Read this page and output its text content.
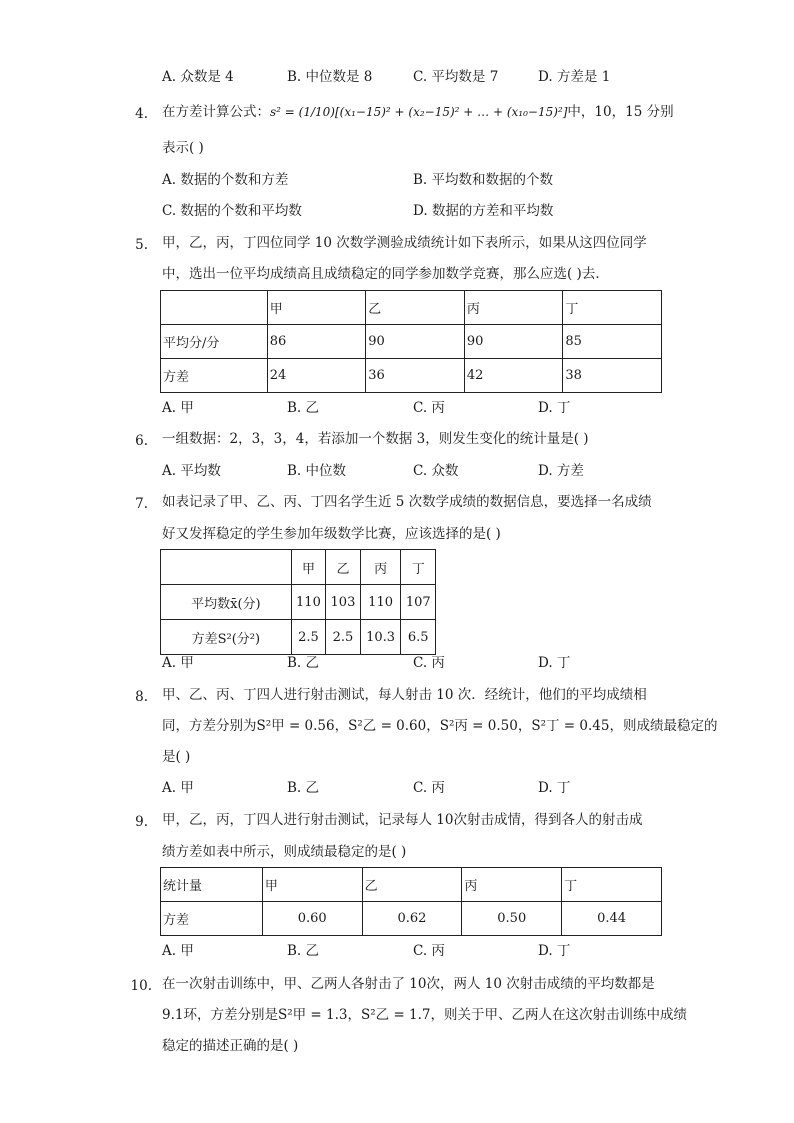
A. 众数是 4	B. 中位数是 8	C. 平均数是 7	D. 方差是 1
4. 在方差计算公式：s² = (1/10)[(x₁−15)² + (x₂−15)² + … + (x₁₀−15)²]中，10，15 分别
表示( )
A. 数据的个数和方差	B. 平均数和数据的个数
C. 数据的个数和平均数	D. 数据的方差和平均数
5. 甲，乙，丙，丁四位同学 10 次数学测验成绩统计如下表所示，如果从这四位同学
中，选出一位平均成绩高且成绩稳定的同学参加数学竞赛，那么应选( )去．
	甲	乙	丙	丁
平均分/分	86	90	90	85
方差	24	36	42	38
A. 甲	B. 乙	C. 丙	D. 丁
6. 一组数据：2，3，3，4，若添加一个数据 3，则发生变化的统计量是( )
A. 平均数	B. 中位数	C. 众数	D. 方差
7. 如表记录了甲、乙、丙、丁四名学生近 5 次数学成绩的数据信息，要选择一名成绩
好又发挥稳定的学生参加年级数学比赛，应该选择的是( )
	甲	乙	丙	丁
平均数x̄(分)	110	103	110	107
方差S²(分²)	2.5	2.5	10.3	6.5
A. 甲	B. 乙	C. 丙	D. 丁
8. 甲、乙、丙、丁四人进行射击测试，每人射击 10 次．经统计，他们的平均成绩相
同，方差分别为S²甲 = 0.56，S²乙 = 0.60，S²丙 = 0.50，S²丁 = 0.45，则成绩最稳定的
是( )
A. 甲	B. 乙	C. 丙	D. 丁
9. 甲，乙，丙，丁四人进行射击测试，记录每人 10次射击成情，得到各人的射击成
绩方差如表中所示，则成绩最稳定的是( )
统计量	甲	乙	丙	丁
方差	0.60	0.62	0.50	0.44
A. 甲	B. 乙	C. 丙	D. 丁
10. 在一次射击训练中，甲、乙两人各射击了 10次，两人 10 次射击成绩的平均数都是
9.1环，方差分别是S²甲 = 1.3，S²乙 = 1.7，则关于甲、乙两人在这次射击训练中成绩
稳定的描述正确的是( )
